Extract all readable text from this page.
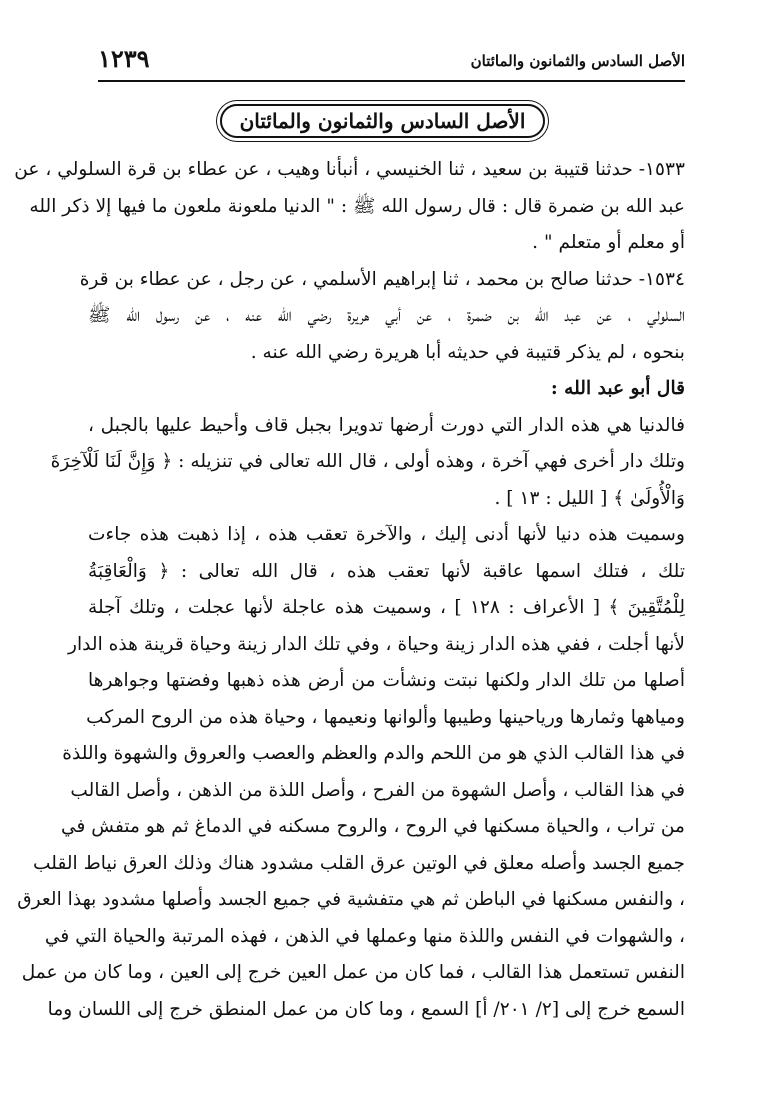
الأصل السادس والثمانون والمائتان
١٢٣٩
الأصل السادس والثمانون والمائتان
١٥٣٣- حدثنا قتيبة بن سعيد ، ثنا الخنيسي ، أنبأنا وهيب ، عن عطاء بن قرة السلولي ، عن
عبد الله بن ضمرة قال : قال رسول الله ﷺ : " الدنيا ملعونة ملعون ما فيها إلا ذكر الله
أو معلم أو متعلم " .
١٥٣٤- حدثنا صالح بن محمد ، ثنا إبراهيم الأسلمي ، عن رجل ، عن عطاء بن قرة
السلولي ، عن عبد الله بن ضمرة ، عن أبي هريرة رضي الله عنه ، عن رسول الله ﷺ
بنحوه ، لم يذكر قتيبة في حديثه أبا هريرة رضي الله عنه .
قال أبو عبد الله :
فالدنيا هي هذه الدار التي دورت أرضها تدويرا بجبل قاف وأحيط عليها بالجبل ،
وتلك دار أخرى فهي آخرة ، وهذه أولى ، قال الله تعالى في تنزيله : ﴿ وَإِنَّ لَنَا لَلْآخِرَةَ
وَالْأُولَىٰ ﴾ [ الليل : ١٣ ] .
وسميت هذه دنيا لأنها أدنى إليك ، والآخرة تعقب هذه ، إذا ذهبت هذه جاءت
تلك ، فتلك اسمها عاقبة لأنها تعقب هذه ، قال الله تعالى : ﴿ وَالْعَاقِبَةُ
لِلْمُتَّقِينَ ﴾ [ الأعراف : ١٢٨ ] ، وسميت هذه عاجلة لأنها عجلت ، وتلك آجلة
لأنها أجلت ، ففي هذه الدار زينة وحياة ، وفي تلك الدار زينة وحياة قرينة هذه الدار
أصلها من تلك الدار ولكنها نبتت ونشأت من أرض هذه ذهبها وفضتها وجواهرها
ومياهها وثمارها ورياحينها وطيبها وألوانها ونعيمها ، وحياة هذه من الروح المركب
في هذا القالب الذي هو من اللحم والدم والعظم والعصب والعروق والشهوة واللذة
في هذا القالب ، وأصل الشهوة من الفرح ، وأصل اللذة من الذهن ، وأصل القالب
من تراب ، والحياة مسكنها في الروح ، والروح مسكنه في الدماغ ثم هو متفش في
جميع الجسد وأصله معلق في الوتين عرق القلب مشدود هناك وذلك العرق نياط القلب
، والنفس مسكنها في الباطن ثم هي متفشية في جميع الجسد وأصلها مشدود بهذا العرق
، والشهوات في النفس واللذة منها وعملها في الذهن ، فهذه المرتبة والحياة التي في
النفس تستعمل هذا القالب ، فما كان من عمل العين خرج إلى العين ، وما كان من عمل
السمع خرج إلى [٢/ ٢٠١/ أ] السمع ، وما كان من عمل المنطق خرج إلى اللسان وما
